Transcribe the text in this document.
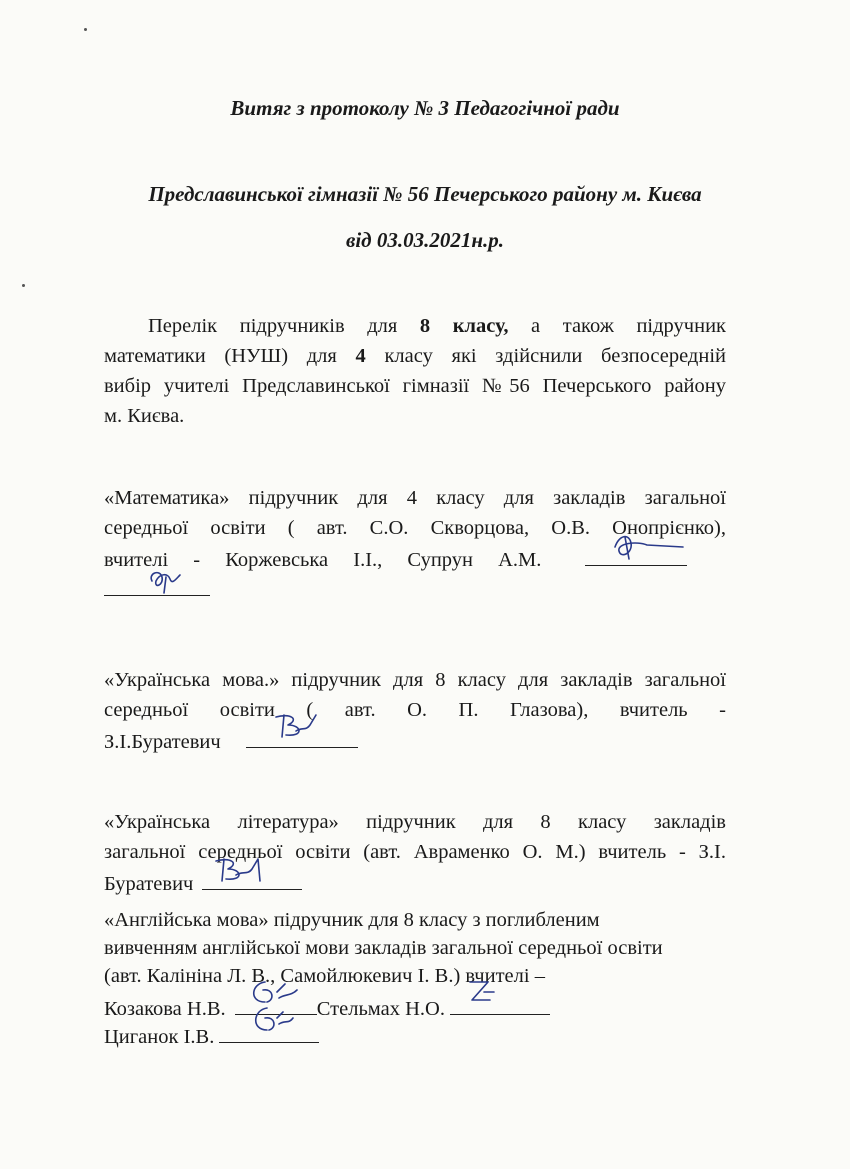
Витяг з протоколу № 3 Педагогічної ради
Предславинської гімназії № 56 Печерського району м. Києва
від 03.03.2021н.р.
Перелік підручників для 8 класу, а також підручник
математики (НУШ) для 4 класу які здійснили безпосередній
вибір учителі Предславинської гімназії №56 Печерського району
м. Києва.
«Математика» підручник для 4 класу для закладів загальної
середньої освіти ( авт. С.О. Скворцова, О.В. Онопрієнко),
вчителі - Коржевська І.І., Супрун А.М.
«Українська мова.» підручник для 8 класу для закладів загальної
середньої освіти ( авт. О. П. Глазова), вчитель -
З.І.Буратевич
«Українська література» підручник для 8 класу закладів
загальної середньої освіти (авт. Авраменко О. М.) вчитель - З.І.
Буратевич
«Англійська мова» підручник для 8 класу з поглибленим
вивченням англійської мови закладів загальної середньої освіти
(авт. Калініна Л. В., Самойлюкевич І. В.) вчителі –
Козакова Н.В.	Стельмах Н.О.
Циганок І.В.
